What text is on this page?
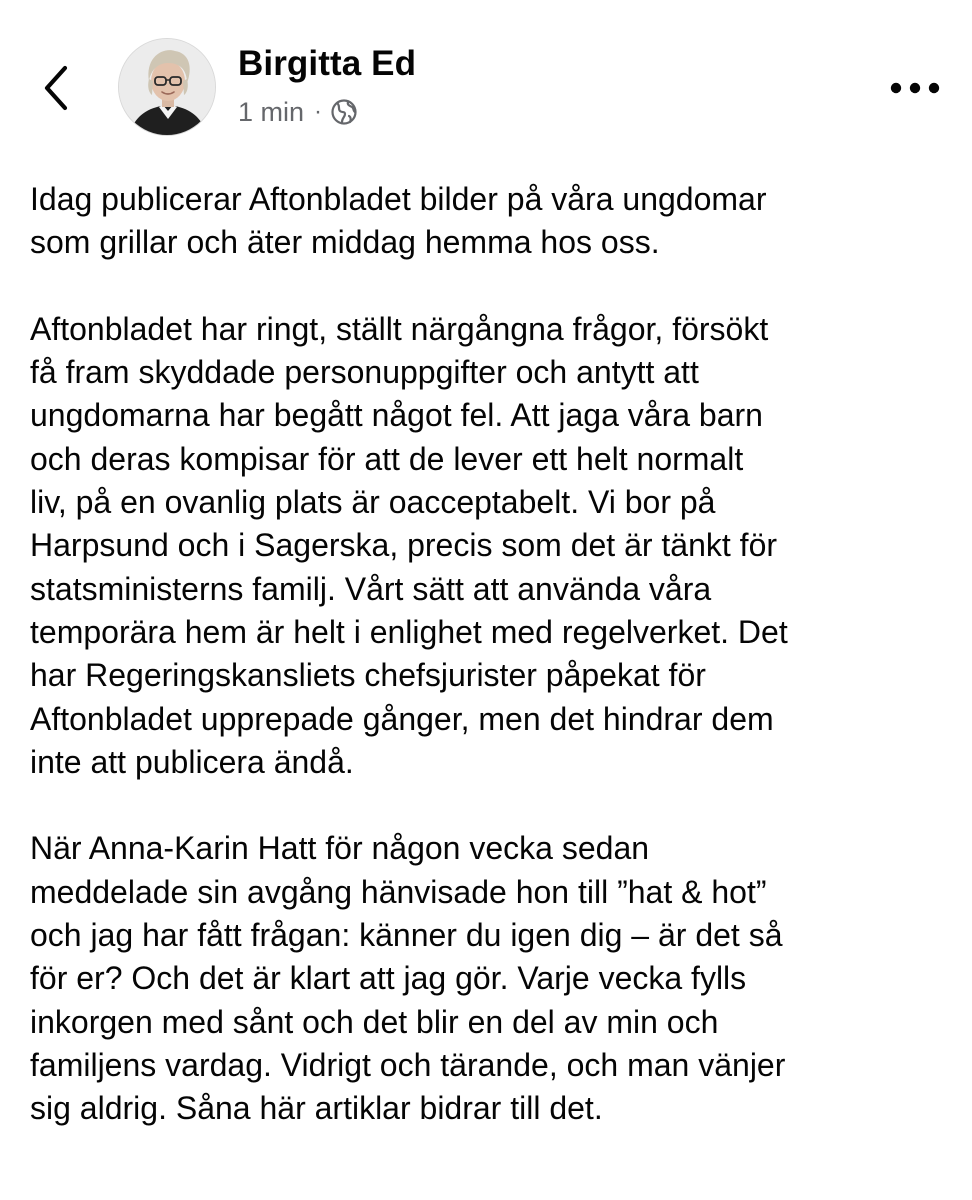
Birgitta Ed
1 min ·

Idag publicerar Aftonbladet bilder på våra ungdomar
som grillar och äter middag hemma hos oss.

Aftonbladet har ringt, ställt närgångna frågor, försökt
få fram skyddade personuppgifter och antytt att
ungdomarna har begått något fel. Att jaga våra barn
och deras kompisar för att de lever ett helt normalt
liv, på en ovanlig plats är oacceptabelt. Vi bor på
Harpsund och i Sagerska, precis som det är tänkt för
statsministerns familj. Vårt sätt att använda våra
temporära hem är helt i enlighet med regelverket. Det
har Regeringskansliets chefsjurister påpekat för
Aftonbladet upprepade gånger, men det hindrar dem
inte att publicera ändå.

När Anna-Karin Hatt för någon vecka sedan
meddelade sin avgång hänvisade hon till ”hat & hot”
och jag har fått frågan: känner du igen dig – är det så
för er? Och det är klart att jag gör. Varje vecka fylls
inkorgen med sånt och det blir en del av min och
familjens vardag. Vidrigt och tärande, och man vänjer
sig aldrig. Såna här artiklar bidrar till det.
